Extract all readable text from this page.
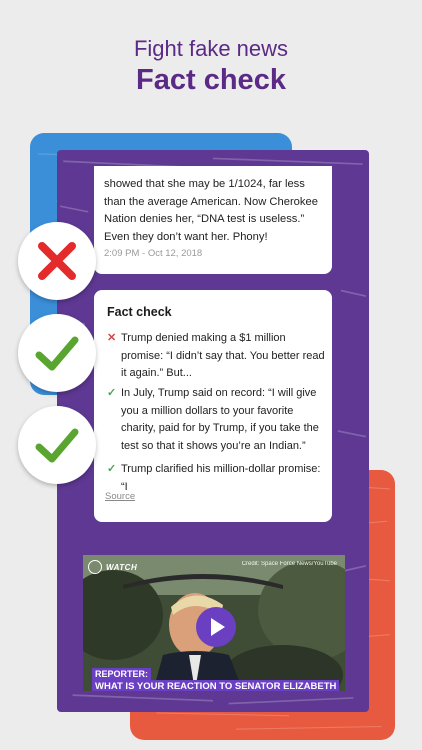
Fight fake news
Fact check
showed that she may be 1/1024, far less than the average American. Now Cherokee Nation denies her, “DNA test is useless.” Even they don’t want her. Phony!
2:09 PM - Oct 12, 2018
Fact check
✕ Trump denied making a $1 million promise: “I didn’t say that. You better read it again.” But...
✓ In July, Trump said on record: “I will give you a million dollars to your favorite charity, paid for by Trump, if you take the test so that it shows you’re an Indian.”
✓ Trump clarified his million-dollar promise: “I
Source
WATCH	Credit: Space Force News/YouTube
REPORTER:
WHAT IS YOUR REACTION TO SENATOR ELIZABETH
